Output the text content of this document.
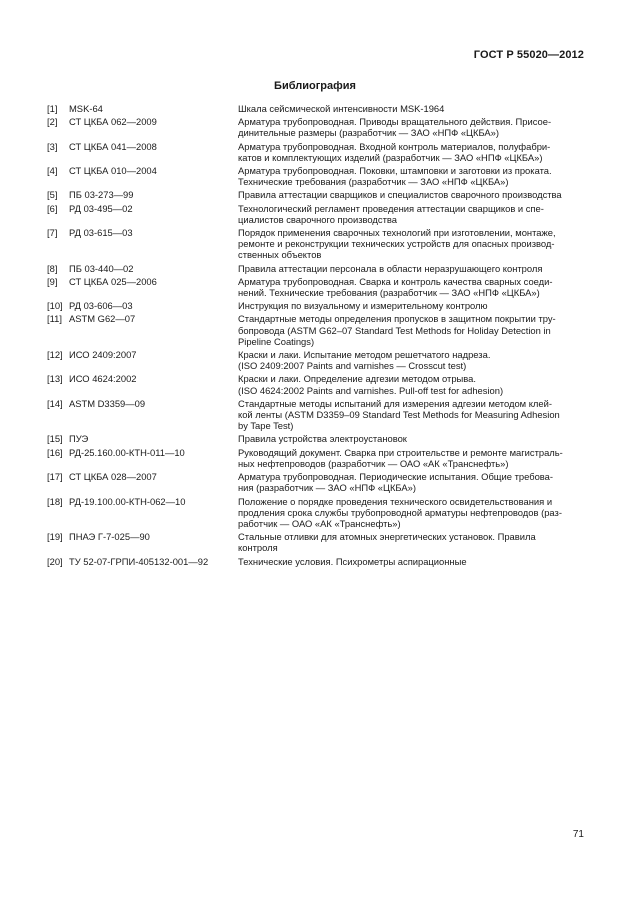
ГОСТ Р 55020—2012
Библиография
[1]	MSK-64	Шкала сейсмической интенсивности MSK-1964
[2]	СТ ЦКБА 062—2009	Арматура трубопроводная. Приводы вращательного действия. Присое-
динительные размеры (разработчик — ЗАО «НПФ «ЦКБА»)
[3]	СТ ЦКБА 041—2008	Арматура трубопроводная. Входной контроль материалов, полуфабри-
катов и комплектующих изделий (разработчик — ЗАО «НПФ «ЦКБА»)
[4]	СТ ЦКБА 010—2004	Арматура трубопроводная. Поковки, штамповки и заготовки из проката.
Технические требования (разработчик — ЗАО «НПФ «ЦКБА»)
[5]	ПБ 03-273—99	Правила аттестации сварщиков и специалистов сварочного производства
[6]	РД 03-495—02	Технологический регламент проведения аттестации сварщиков и спе-
циалистов сварочного производства
[7]	РД 03-615—03	Порядок применения сварочных технологий при изготовлении, монтаже,
ремонте и реконструкции технических устройств для опасных производ-
ственных объектов
[8]	ПБ 03-440—02	Правила аттестации персонала в области неразрушающего контроля
[9]	СТ ЦКБА 025—2006	Арматура трубопроводная. Сварка и контроль качества сварных соеди-
нений. Технические требования (разработчик — ЗАО «НПФ «ЦКБА»)
[10] РД 03-606—03	Инструкция по визуальному и измерительному контролю
[11] ASTM G62—07	Стандартные методы определения пропусков в защитном покрытии тру-
бопровода (ASTM G62–07 Standard Test Methods for Holiday Detection in
Pipeline Coatings)
[12] ИСО 2409:2007	Краски и лаки. Испытание методом решетчатого надреза.
(ISO 2409:2007 Paints and varnishes — Crosscut test)
[13] ИСО 4624:2002	Краски и лаки. Определение адгезии методом отрыва.
(ISO 4624:2002 Paints and varnishes. Pull-off test for adhesion)
[14] ASTM D3359—09	Стандартные методы испытаний для измерения адгезии методом клей-
кой ленты (ASTM D3359–09 Standard Test Methods for Measuring Adhesion
by Tape Test)
[15] ПУЭ	Правила устройства электроустановок
[16] РД-25.160.00-КТН-011—10	Руководящий документ. Сварка при строительстве и ремонте магистраль-
ных нефтепроводов (разработчик — ОАО «АК «Транснефть»)
[17] СТ ЦКБА 028—2007	Арматура трубопроводная. Периодические испытания. Общие требова-
ния (разработчик — ЗАО «НПФ «ЦКБА»)
[18] РД-19.100.00-КТН-062—10	Положение о порядке проведения технического освидетельствования и
продления срока службы трубопроводной арматуры нефтепроводов (раз-
работчик — ОАО «АК «Транснефть»)
[19] ПНАЭ Г-7-025—90	Стальные отливки для атомных энергетических установок. Правила
контроля
[20] ТУ 52-07-ГРПИ-405132-001—92	Технические условия. Психрометры аспирационные
71
